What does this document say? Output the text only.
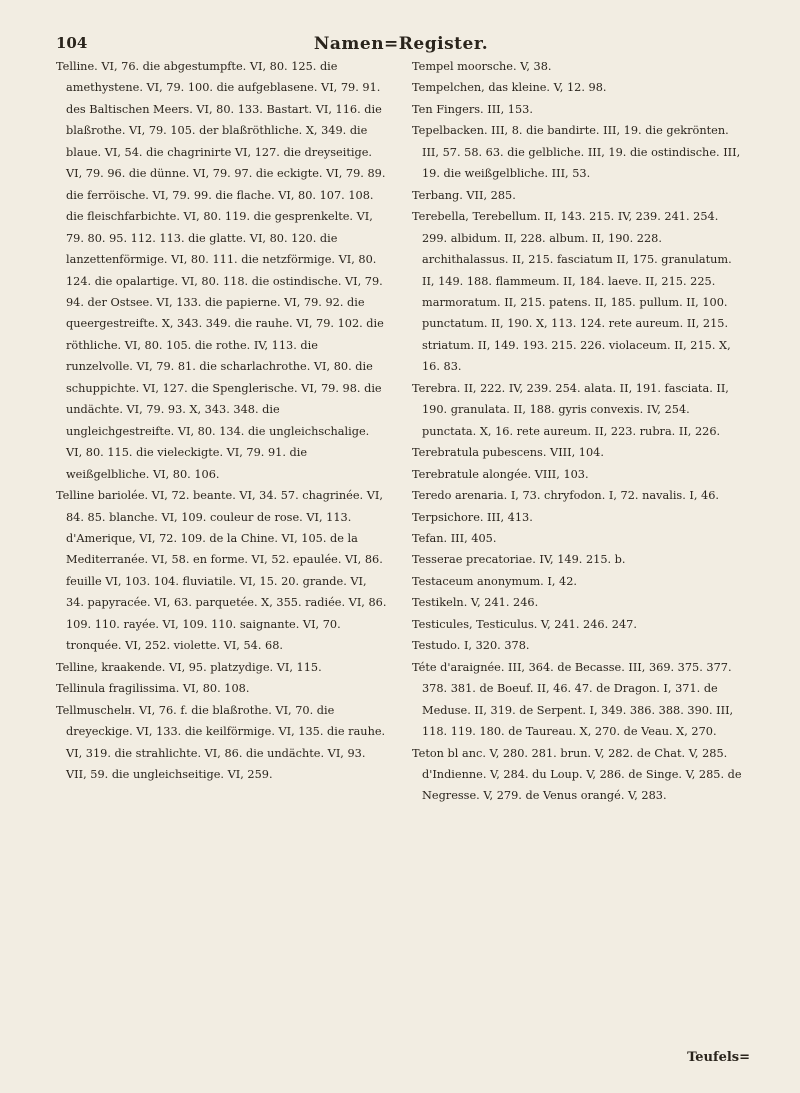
104	Namen=Register.

Telline. VI, 76. die abgestumpfte. VI, 80. 125. die amethystene. VI, 79. 100. die aufgeblasene. VI, 79. 91. des Baltischen Meers. VI, 80. 133. Bastart. VI, 116. die blaßrothe. VI, 79. 105. der blaßröthliche. X, 349. die blaue. VI, 54. die chagrinirte VI, 127. die dreyseitige. VI, 79. 96. die dünne. VI, 79. 97. die eckigte. VI, 79. 89. die ferröische. VI, 79. 99. die flache. VI, 80. 107. 108. die fleischfarbichte. VI, 80. 119. die gesprenkelte. VI, 79. 80. 95. 112. 113. die glatte. VI, 80. 120. die lanzettenförmige. VI, 80. 111. die netzförmige. VI, 80. 124. die opalartige. VI, 80. 118. die ostindische. VI, 79. 94. der Ostsee. VI, 133. die papierne. VI, 79. 92. die queergestreifte. X, 343. 349. die rauhe. VI, 79. 102. die röthliche. VI, 80. 105. die rothe. IV, 113. die runzelvolle. VI, 79. 81. die scharlachrothe. VI, 80. die schuppichte. VI, 127. die Spenglerische. VI, 79. 98. die undächte. VI, 79. 93. X, 343. 348. die ungleichgestreifte. VI, 80. 134. die ungleichschalige. VI, 80. 115. die vieleckigte. VI, 79. 91. die weißgelbliche. VI, 80. 106.

Telline bariolée. VI, 72. beante. VI, 34. 57. chagrinée. VI, 84. 85. blanche. VI, 109. couleur de rose. VI, 113. d'Amerique, VI, 72. 109. de la Chine. VI, 105. de la Mediterranée. VI, 58. en forme. VI, 52. epaulée. VI, 86. feuille VI, 103. 104. fluviatile. VI, 15. 20. grande. VI, 34. papyracée. VI, 63. parquetée. X, 355. radiée. VI, 86. 109. 110. rayée. VI, 109. 110. saignante. VI, 70. tronquée. VI, 252. violette. VI, 54. 68.

Telline, kraakende. VI, 95. platzydige. VI, 115.

Tellinula fragilissima. VI, 80. 108.

Tellmuschelн. VI, 76. f. die blaßrothe. VI, 70. die dreyeckige. VI, 133. die keilförmige. VI, 135. die rauhe. VI, 319. die strahlichte. VI, 86. die undächte. VI, 93. VII, 59. die ungleichseitige. VI, 259.

Tempel moorsche. V, 38.

Tempelchen, das kleine. V, 12. 98.

Ten Fingers. III, 153.

Tepelbacken. III, 8. die bandirte. III, 19. die gekrönten. III, 57. 58. 63. die gelbliche. III, 19. die ostindische. III, 19. die weißgelbliche. III, 53.

Terbang. VII, 285.

Terebella, Terebellum. II, 143. 215. IV, 239. 241. 254. 299. albidum. II, 228. album. II, 190. 228. archithalassus. II, 215. fasciatum II, 175. granulatum. II, 149. 188. flammeum. II, 184. laeve. II, 215. 225. marmoratum. II, 215. patens. II, 185. pullum. II, 100. punctatum. II, 190. X, 113. 124. rete aureum. II, 215. striatum. II, 149. 193. 215. 226. violaceum. II, 215. X, 16. 83.

Terebra. II, 222. IV, 239. 254. alata. II, 191. fasciata. II, 190. granulata. II, 188. gyris convexis. IV, 254. punctata. X, 16. rete aureum. II, 223. rubra. II, 226.

Terebratula pubescens. VIII, 104.

Terebratule alongée. VIII, 103.

Teredo arenaria. I, 73. chryfodon. I, 72. navalis. I, 46.

Terpsichore. III, 413.

Tefan. III, 405.

Tesserae precatoriae. IV, 149. 215. b.

Testaceum anonymum. I, 42.

Testikeln. V, 241. 246.

Testicules, Testiculus. V, 241. 246. 247.

Testudo. I, 320. 378.

Téte d'araignée. III, 364. de Becasse. III, 369. 375. 377. 378. 381. de Boeuf. II, 46. 47. de Dragon. I, 371. de Meduse. II, 319. de Serpent. I, 349. 386. 388. 390. III, 118. 119. 180. de Taureau. X, 270. de Veau. X, 270.

Teton bl anc. V, 280. 281. brun. V, 282. de Chat. V, 285. d'Indienne. V, 284. du Loup. V, 286. de Singe. V, 285. de Negresse. V, 279. de Venus orangé. V, 283.

Teufels=
